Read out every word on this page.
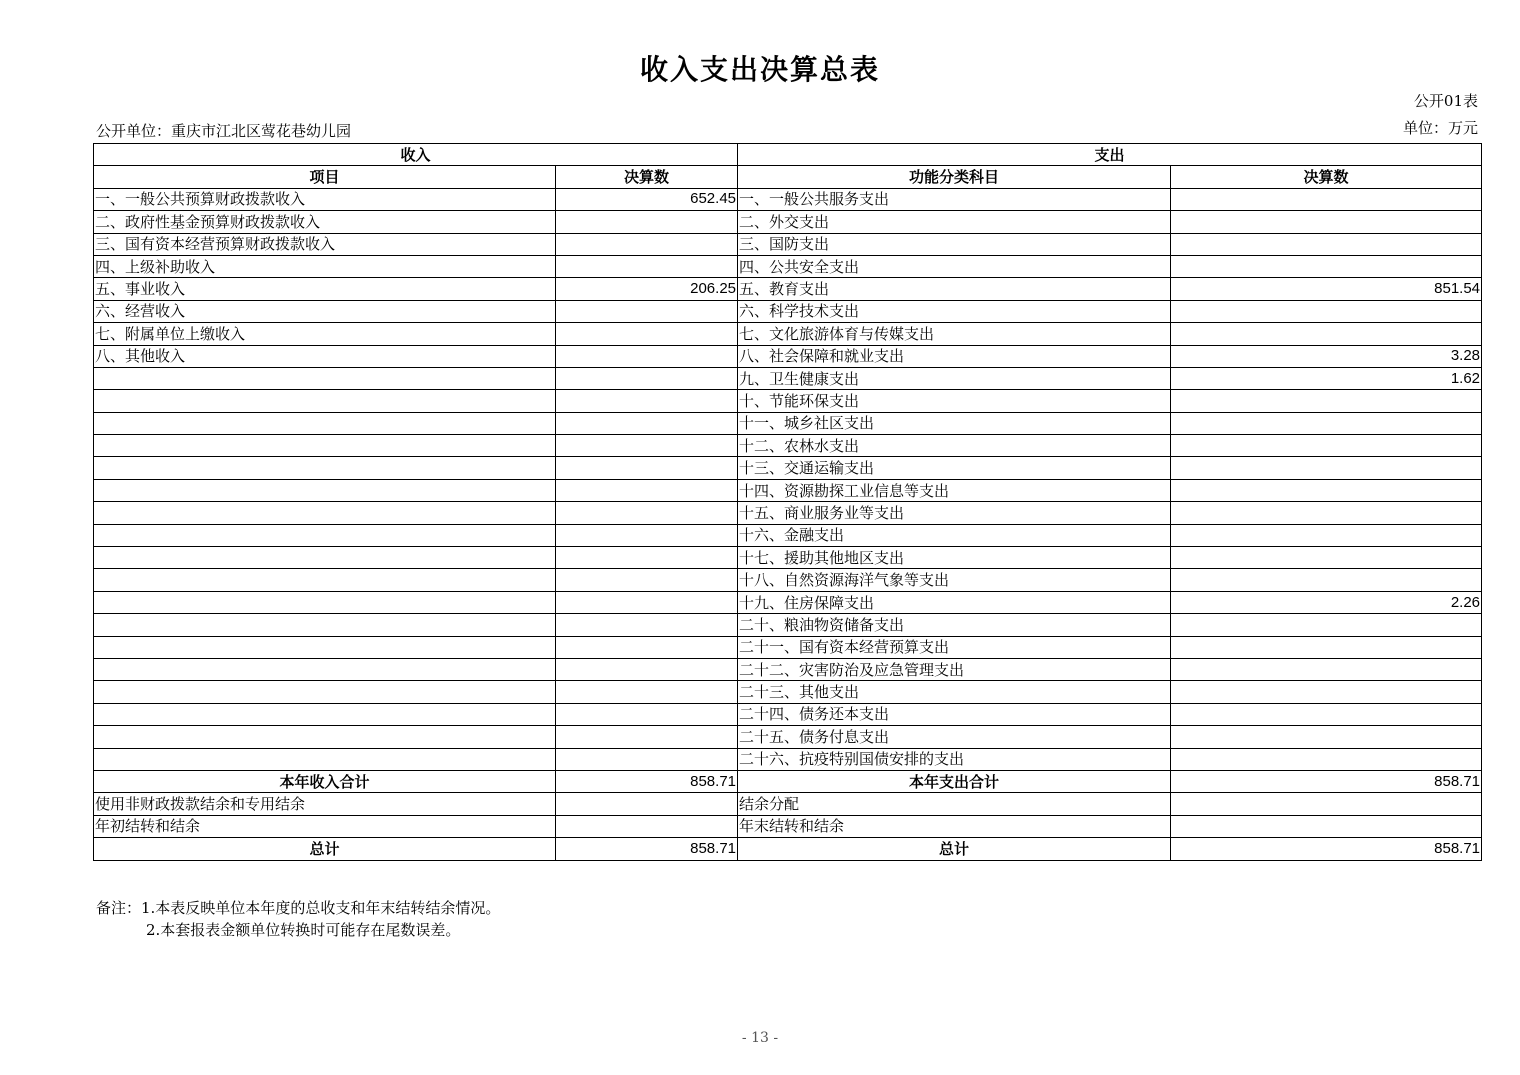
收入支出决算总表
公开01表
公开单位：重庆市江北区莺花巷幼儿园	单位：万元
收入		支出	
项目	决算数	功能分类科目	决算数
一、一般公共预算财政拨款收入	652.45	一、一般公共服务支出	
二、政府性基金预算财政拨款收入		二、外交支出	
三、国有资本经营预算财政拨款收入		三、国防支出	
四、上级补助收入		四、公共安全支出	
五、事业收入	206.25	五、教育支出	851.54
六、经营收入		六、科学技术支出	
七、附属单位上缴收入		七、文化旅游体育与传媒支出	
八、其他收入		八、社会保障和就业支出	3.28
		九、卫生健康支出	1.62
		十、节能环保支出	
		十一、城乡社区支出	
		十二、农林水支出	
		十三、交通运输支出	
		十四、资源勘探工业信息等支出	
		十五、商业服务业等支出	
		十六、金融支出	
		十七、援助其他地区支出	
		十八、自然资源海洋气象等支出	
		十九、住房保障支出	2.26
		二十、粮油物资储备支出	
		二十一、国有资本经营预算支出	
		二十二、灾害防治及应急管理支出	
		二十三、其他支出	
		二十四、债务还本支出	
		二十五、债务付息支出	
		二十六、抗疫特别国债安排的支出	
本年收入合计	858.71	本年支出合计	858.71
使用非财政拨款结余和专用结余		结余分配	
年初结转和结余		年末结转和结余	
总计	858.71	总计	858.71
备注：1.本表反映单位本年度的总收支和年末结转结余情况。
2.本套报表金额单位转换时可能存在尾数误差。
- 13 -
